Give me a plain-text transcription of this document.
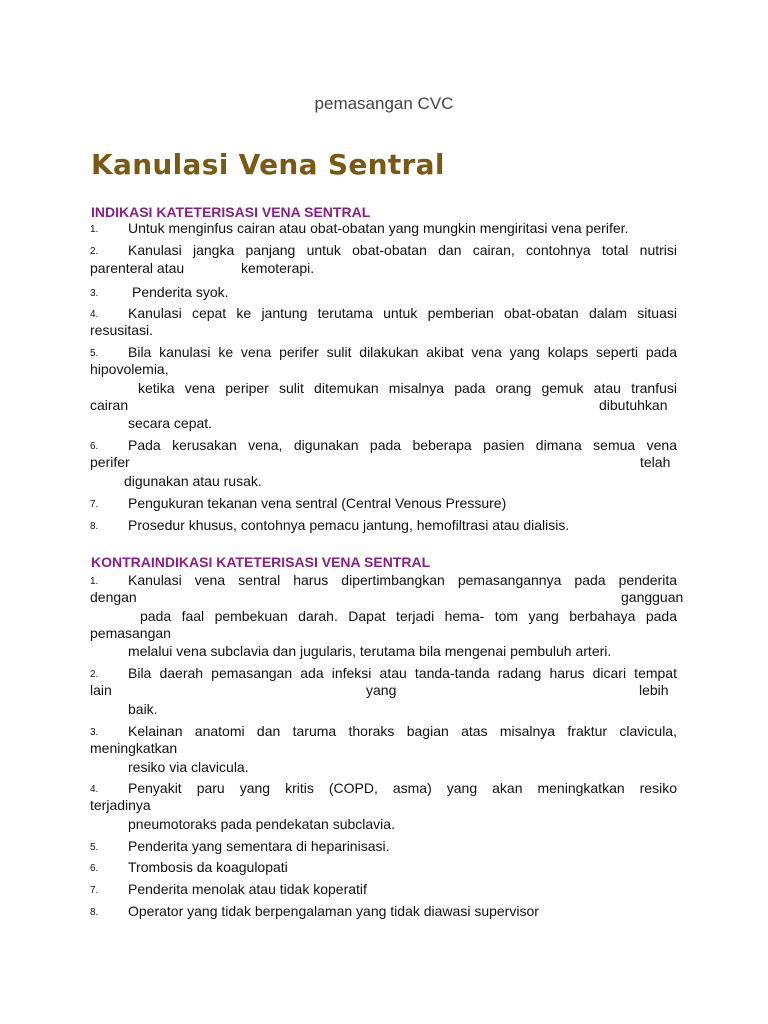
pemasangan CVC
Kanulasi Vena Sentral
INDIKASI KATETERISASI VENA SENTRAL
1. Untuk menginfus cairan atau obat-obatan yang mungkin mengiritasi vena perifer.
2. Kanulasi jangka panjang untuk obat-obatan dan cairan, contohnya total nutrisi
parenteral atau	kemoterapi.
3. Penderita syok.
4. Kanulasi cepat ke jantung terutama untuk pemberian obat-obatan dalam situasi
resusitasi.
5. Bila kanulasi ke vena perifer sulit dilakukan akibat vena yang kolaps seperti pada
hipovolemia,
ketika vena periper sulit ditemukan misalnya pada orang gemuk atau tranfusi
cairan	dibutuhkan
secara cepat.
6. Pada kerusakan vena, digunakan pada beberapa pasien dimana semua vena
perifer	telah
digunakan atau rusak.
7. Pengukuran tekanan vena sentral (Central Venous Pressure)
8. Prosedur khusus, contohnya pemacu jantung, hemofiltrasi atau dialisis.
KONTRAINDIKASI KATETERISASI VENA SENTRAL
1. Kanulasi vena sentral harus dipertimbangkan pemasangannya pada penderita
dengan	gangguan
pada faal pembekuan darah. Dapat terjadi hema- tom yang berbahaya pada
pemasangan
melalui vena subclavia dan jugularis, terutama bila mengenai pembuluh arteri.
2. Bila daerah pemasangan ada infeksi atau tanda-tanda radang harus dicari tempat
lain	yang	lebih
baik.
3. Kelainan anatomi dan taruma thoraks bagian atas misalnya fraktur clavicula,
meningkatkan
resiko via clavicula.
4. Penyakit paru yang kritis (COPD, asma) yang akan meningkatkan resiko
terjadinya
pneumotoraks pada pendekatan subclavia.
5. Penderita yang sementara di heparinisasi.
6. Trombosis da koagulopati
7. Penderita menolak atau tidak koperatif
8. Operator yang tidak berpengalaman yang tidak diawasi supervisor
